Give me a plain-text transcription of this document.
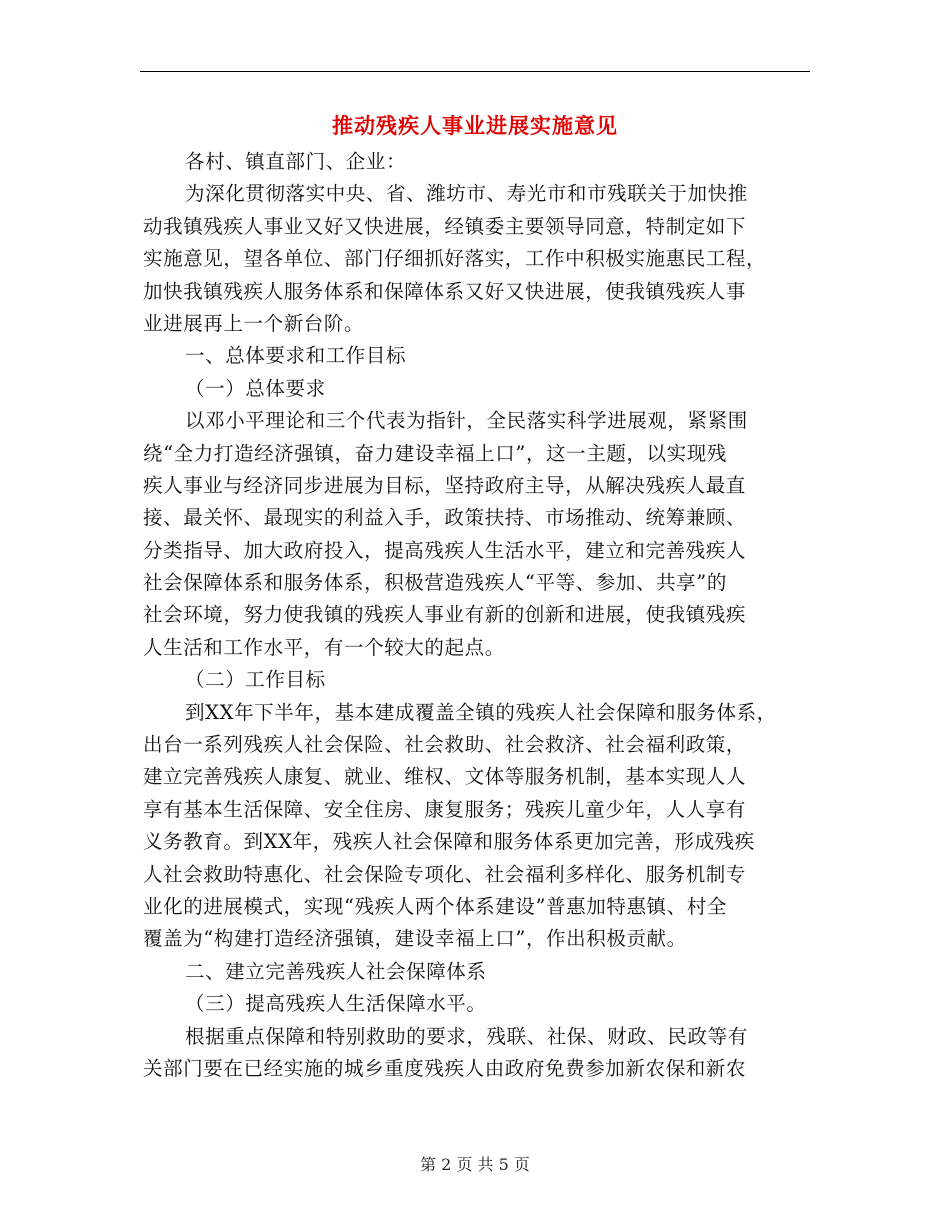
推动残疾人事业进展实施意见
各村、镇直部门、企业：
为深化贯彻落实中央、省、潍坊市、寿光市和市残联关于加快推
动我镇残疾人事业又好又快进展，经镇委主要领导同意，特制定如下
实施意见，望各单位、部门仔细抓好落实，工作中积极实施惠民工程，
加快我镇残疾人服务体系和保障体系又好又快进展，使我镇残疾人事
业进展再上一个新台阶。
一、总体要求和工作目标
（一）总体要求
以邓小平理论和三个代表为指针，全民落实科学进展观，紧紧围
绕“全力打造经济强镇，奋力建设幸福上口”，这一主题，以实现残
疾人事业与经济同步进展为目标，坚持政府主导，从解决残疾人最直
接、最关怀、最现实的利益入手，政策扶持、市场推动、统筹兼顾、
分类指导、加大政府投入，提高残疾人生活水平，建立和完善残疾人
社会保障体系和服务体系，积极营造残疾人“平等、参加、共享”的
社会环境，努力使我镇的残疾人事业有新的创新和进展，使我镇残疾
人生活和工作水平，有一个较大的起点。
（二）工作目标
到XX年下半年，基本建成覆盖全镇的残疾人社会保障和服务体系，
出台一系列残疾人社会保险、社会救助、社会救济、社会福利政策，
建立完善残疾人康复、就业、维权、文体等服务机制，基本实现人人
享有基本生活保障、安全住房、康复服务；残疾儿童少年，人人享有
义务教育。到XX年，残疾人社会保障和服务体系更加完善，形成残疾
人社会救助特惠化、社会保险专项化、社会福利多样化、服务机制专
业化的进展模式，实现“残疾人两个体系建设”普惠加特惠镇、村全
覆盖为“构建打造经济强镇，建设幸福上口”，作出积极贡献。
二、建立完善残疾人社会保障体系
（三）提高残疾人生活保障水平。
根据重点保障和特别救助的要求，残联、社保、财政、民政等有
关部门要在已经实施的城乡重度残疾人由政府免费参加新农保和新农
第 2 页 共 5 页
